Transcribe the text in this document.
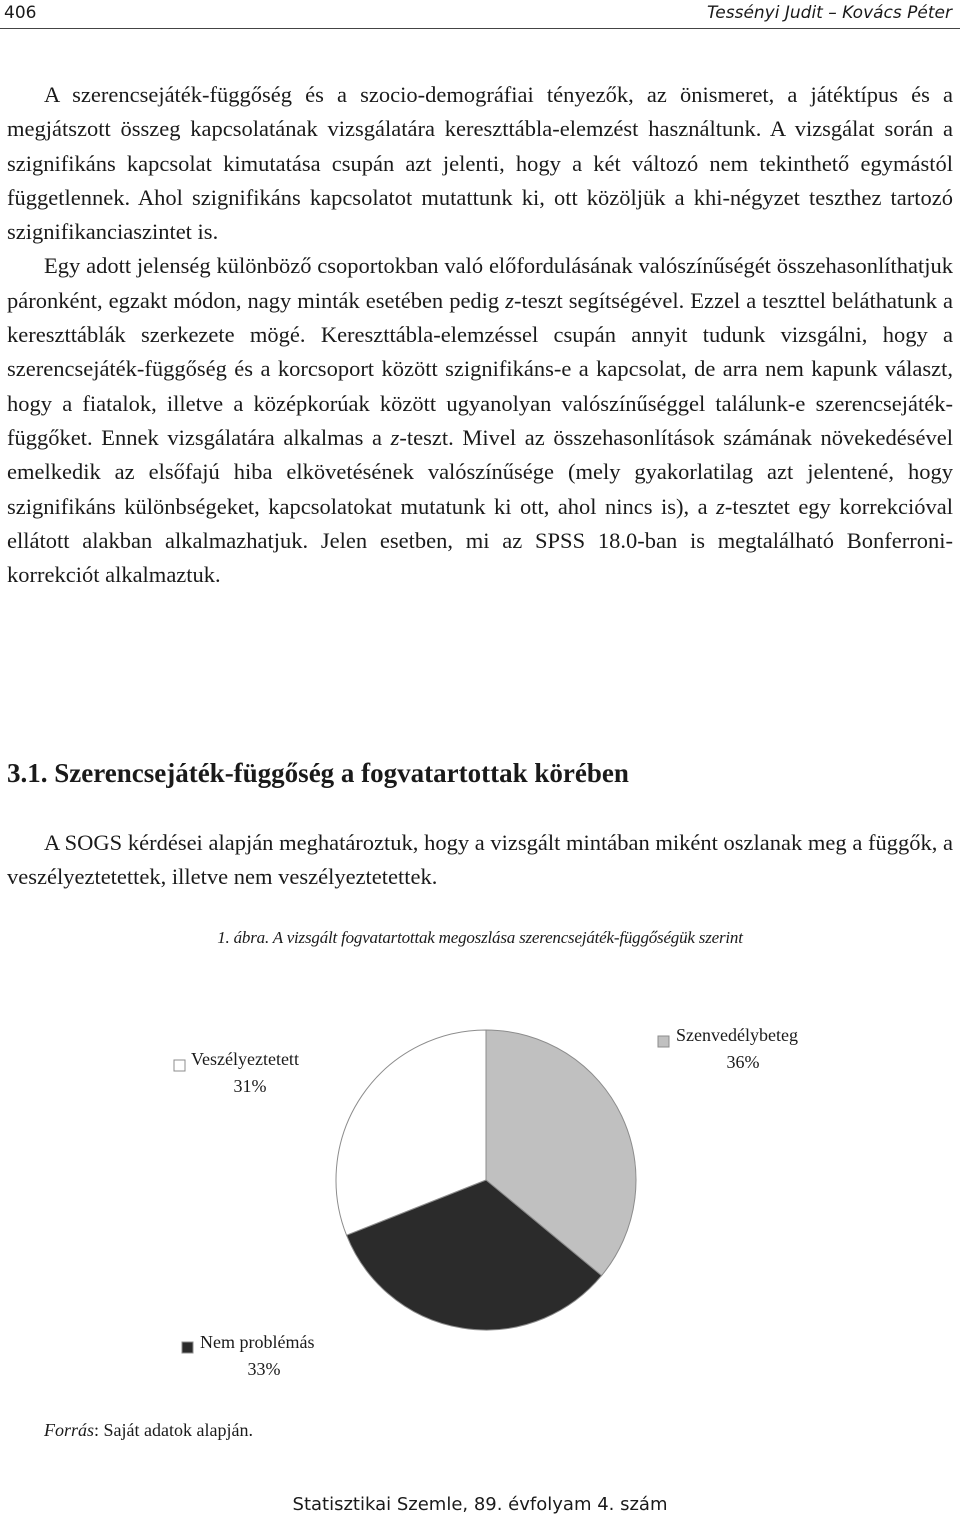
406	Tessényi Judit – Kovács Péter

A szerencsejáték-függőség és a szocio-demográfiai tényezők, az önismeret, a játéktípus és a megjátszott összeg kapcsolatának vizsgálatára kereszttábla-elemzést használtunk. A vizsgálat során a szignifikáns kapcsolat kimutatása csupán azt jelenti, hogy a két változó nem tekinthető egymástól függetlennek. Ahol szignifikáns kapcsolatot mutattunk ki, ott közöljük a khi-négyzet teszthez tartozó szignifikanciaszintet is.

Egy adott jelenség különböző csoportokban való előfordulásának valószínűségét összehasonlíthatjuk páronként, egzakt módon, nagy minták esetében pedig z-teszt segítségével. Ezzel a teszttel beláthatunk a kereszttáblák szerkezete mögé. Kereszttábla-elemzéssel csupán annyit tudunk vizsgálni, hogy a szerencsejáték-függőség és a korcsoport között szignifikáns-e a kapcsolat, de arra nem kapunk választ, hogy a fiatalok, illetve a középkorúak között ugyanolyan valószínűséggel találunk-e szerencsejáték-függőket. Ennek vizsgálatára alkalmas a z-teszt. Mivel az összehasonlítások számának növekedésével emelkedik az elsőfajú hiba elkövetésének valószínűsége (mely gyakorlatilag azt jelentené, hogy szignifikáns különbségeket, kapcsolatokat mutatunk ki ott, ahol nincs is), a z-tesztet egy korrekcióval ellátott alakban alkalmazhatjuk. Jelen esetben, mi az SPSS 18.0-ban is megtalálható Bonferroni-korrekciót alkalmaztuk.

3.1. Szerencsejáték-függőség a fogvatartottak körében

A SOGS kérdései alapján meghatároztuk, hogy a vizsgált mintában miként oszlanak meg a függők, a veszélyeztetettek, illetve nem veszélyeztetettek.

1. ábra. A vizsgált fogvatartottak megoszlása szerencsejáték-függőségük szerint
Szenvedélybeteg
36%
Nem problémás
33%
Veszélyeztetett
31%
Forrás: Saját adatok alapján.
Statisztikai Szemle, 89. évfolyam 4. szám
